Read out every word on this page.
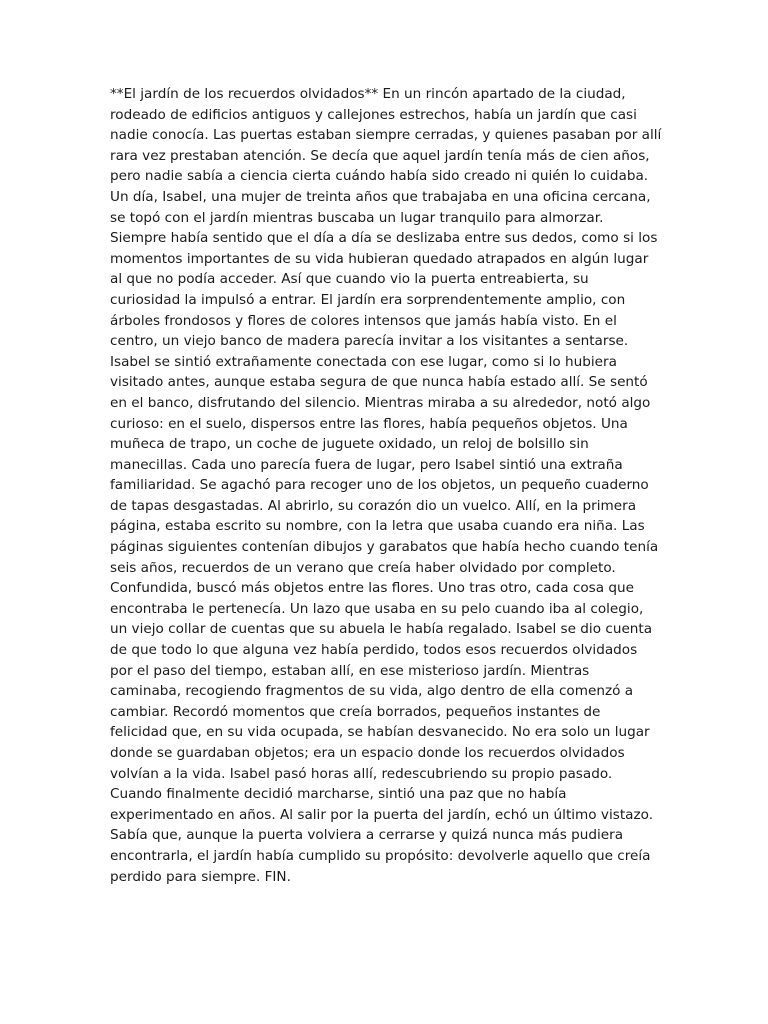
**El jardín de los recuerdos olvidados** En un rincón apartado de la ciudad, rodeado de edificios antiguos y callejones estrechos, había un jardín que casi nadie conocía. Las puertas estaban siempre cerradas, y quienes pasaban por allí rara vez prestaban atención. Se decía que aquel jardín tenía más de cien años, pero nadie sabía a ciencia cierta cuándo había sido creado ni quién lo cuidaba. Un día, Isabel, una mujer de treinta años que trabajaba en una oficina cercana, se topó con el jardín mientras buscaba un lugar tranquilo para almorzar. Siempre había sentido que el día a día se deslizaba entre sus dedos, como si los momentos importantes de su vida hubieran quedado atrapados en algún lugar al que no podía acceder. Así que cuando vio la puerta entreabierta, su curiosidad la impulsó a entrar. El jardín era sorprendentemente amplio, con árboles frondosos y flores de colores intensos que jamás había visto. En el centro, un viejo banco de madera parecía invitar a los visitantes a sentarse. Isabel se sintió extrañamente conectada con ese lugar, como si lo hubiera visitado antes, aunque estaba segura de que nunca había estado allí. Se sentó en el banco, disfrutando del silencio. Mientras miraba a su alrededor, notó algo curioso: en el suelo, dispersos entre las flores, había pequeños objetos. Una muñeca de trapo, un coche de juguete oxidado, un reloj de bolsillo sin manecillas. Cada uno parecía fuera de lugar, pero Isabel sintió una extraña familiaridad. Se agachó para recoger uno de los objetos, un pequeño cuaderno de tapas desgastadas. Al abrirlo, su corazón dio un vuelco. Allí, en la primera página, estaba escrito su nombre, con la letra que usaba cuando era niña. Las páginas siguientes contenían dibujos y garabatos que había hecho cuando tenía seis años, recuerdos de un verano que creía haber olvidado por completo. Confundida, buscó más objetos entre las flores. Uno tras otro, cada cosa que encontraba le pertenecía. Un lazo que usaba en su pelo cuando iba al colegio, un viejo collar de cuentas que su abuela le había regalado. Isabel se dio cuenta de que todo lo que alguna vez había perdido, todos esos recuerdos olvidados por el paso del tiempo, estaban allí, en ese misterioso jardín. Mientras caminaba, recogiendo fragmentos de su vida, algo dentro de ella comenzó a cambiar. Recordó momentos que creía borrados, pequeños instantes de felicidad que, en su vida ocupada, se habían desvanecido. No era solo un lugar donde se guardaban objetos; era un espacio donde los recuerdos olvidados volvían a la vida. Isabel pasó horas allí, redescubriendo su propio pasado. Cuando finalmente decidió marcharse, sintió una paz que no había experimentado en años. Al salir por la puerta del jardín, echó un último vistazo. Sabía que, aunque la puerta volviera a cerrarse y quizá nunca más pudiera encontrarla, el jardín había cumplido su propósito: devolverle aquello que creía perdido para siempre. FIN.
